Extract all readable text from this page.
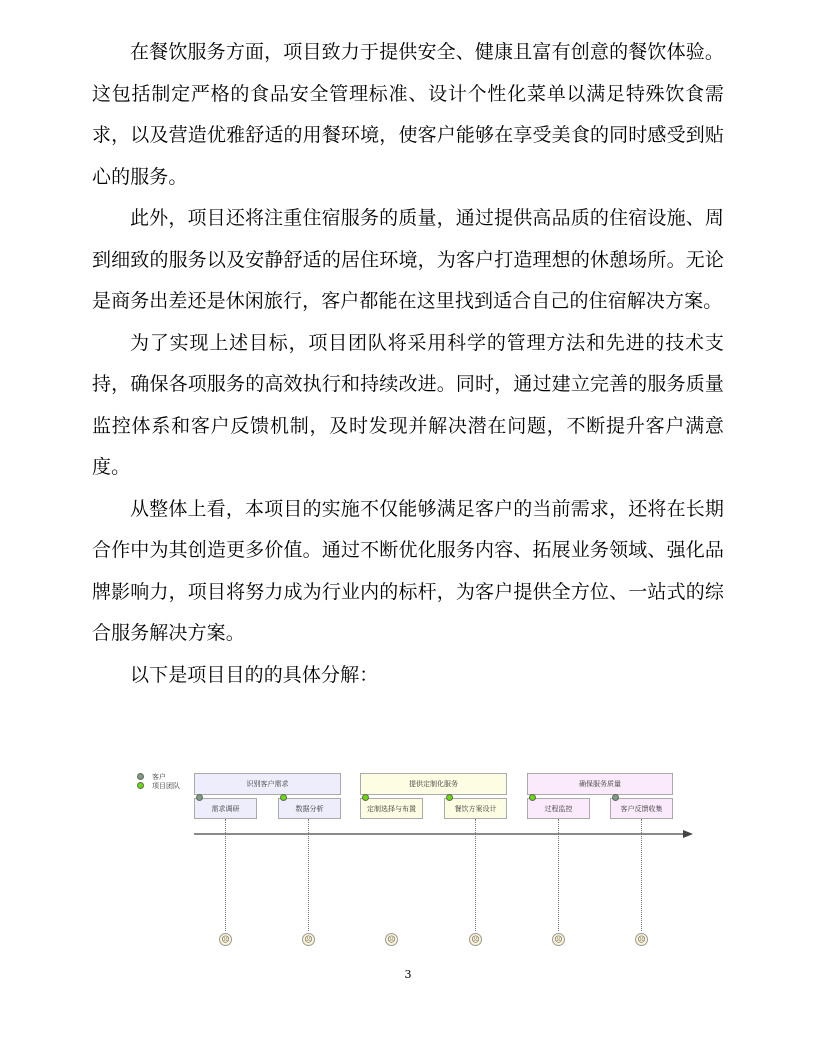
在餐饮服务方面，项目致力于提供安全、健康且富有创意的餐饮体验。这包括制定严格的食品安全管理标准、设计个性化菜单以满足特殊饮食需求，以及营造优雅舒适的用餐环境，使客户能够在享受美食的同时感受到贴心的服务。

此外，项目还将注重住宿服务的质量，通过提供高品质的住宿设施、周到细致的服务以及安静舒适的居住环境，为客户打造理想的休憩场所。无论是商务出差还是休闲旅行，客户都能在这里找到适合自己的住宿解决方案。

为了实现上述目标，项目团队将采用科学的管理方法和先进的技术支持，确保各项服务的高效执行和持续改进。同时，通过建立完善的服务质量监控体系和客户反馈机制，及时发现并解决潜在问题，不断提升客户满意度。

从整体上看，本项目的实施不仅能够满足客户的当前需求，还将在长期合作中为其创造更多价值。通过不断优化服务内容、拓展业务领域、强化品牌影响力，项目将努力成为行业内的标杆，为客户提供全方位、一站式的综合服务解决方案。

以下是项目目的的具体分解：

客户
项目团队	识别客户需求	提供定制化服务	确保服务质量
需求调研	数据分析	定制选择与布置	餐饮方案设计	过程监控	客户反馈收集
☹	☹	☹	☹	☹	☹
3
